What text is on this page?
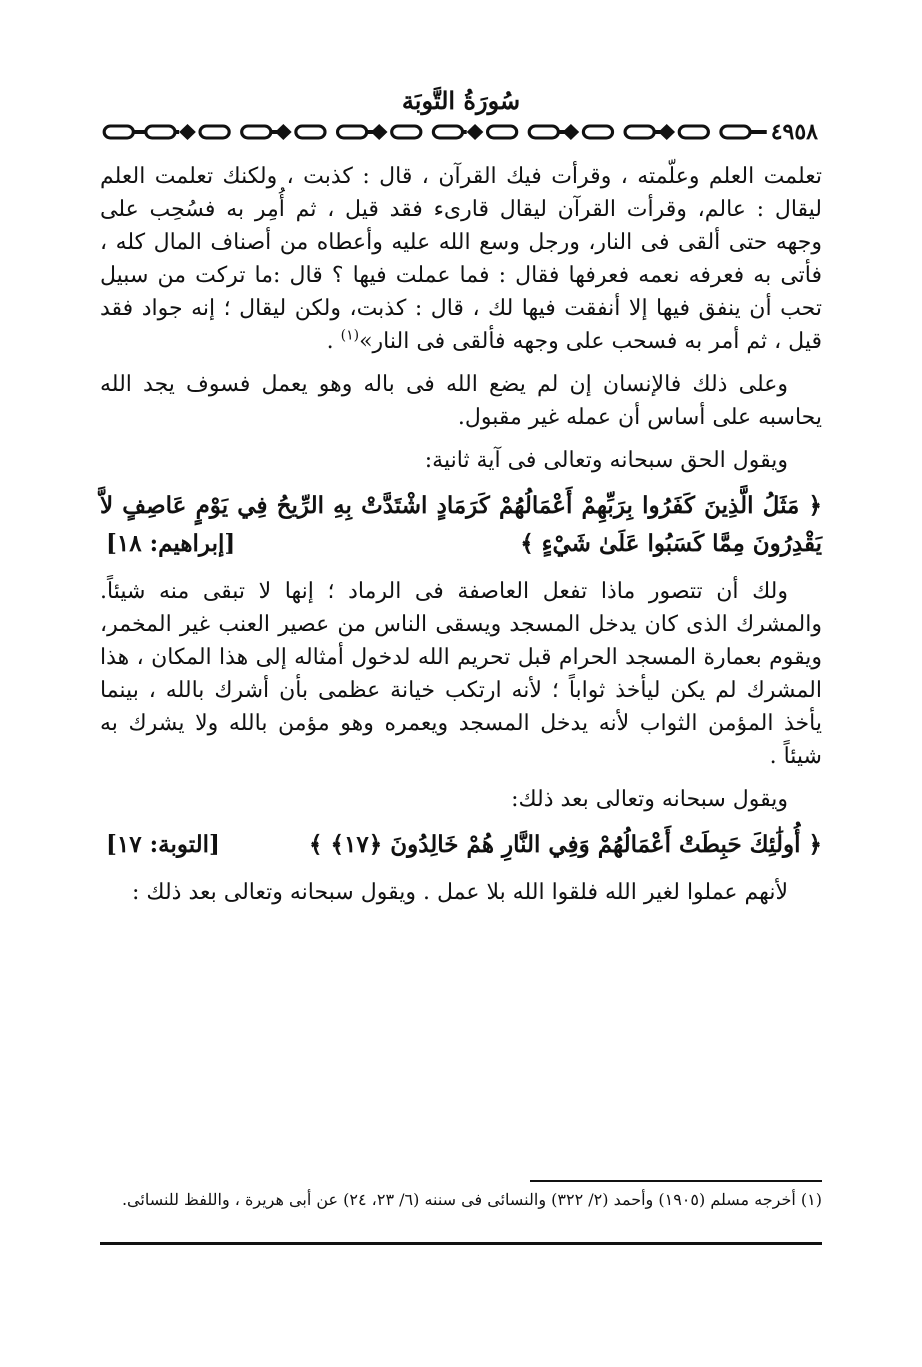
سُورَةُ التَّوبَة
٤٩٥٨

تعلمت العلم وعلّمته ، وقرأت فيك القرآن ، قال : كذبت ، ولكنك تعلمت العلم ليقال : عالم، وقرأت القرآن ليقال قارىء فقد قيل ، ثم أُمِر به فسُحِب على وجهه حتى ألقى فى النار، ورجل وسع الله عليه وأعطاه من أصناف المال كله ، فأتى به فعرفه نعمه فعرفها فقال : فما عملت فيها ؟ قال :ما تركت من سبيل تحب أن ينفق فيها إلا أنفقت فيها لك ، قال : كذبت، ولكن ليقال ؛ إنه جواد فقد قيل ، ثم أمر به فسحب على وجهه فألقى فى النار»$^{(١)}$ .

وعلى ذلك فالإنسان إن لم يضع الله فى باله وهو يعمل فسوف يجد الله يحاسبه على أساس أن عمله غير مقبول.

ويقول الحق سبحانه وتعالى فى آية ثانية:

﴿ مَثَلُ الَّذِينَ كَفَرُوا بِرَبِّهِمْ أَعْمَالُهُمْ كَرَمَادٍ اشْتَدَّتْ بِهِ الرِّيحُ فِي يَوْمٍ عَاصِفٍ لاَّ يَقْدِرُونَ مِمَّا كَسَبُوا عَلَىٰ شَيْءٍ ﴾
[إبراهيم: ١٨]

ولك أن تتصور ماذا تفعل العاصفة فى الرماد ؛ إنها لا تبقى منه شيئاً. والمشرك الذى كان يدخل المسجد ويسقى الناس من عصير العنب غير المخمر، ويقوم بعمارة المسجد الحرام قبل تحريم الله لدخول أمثاله إلى هذا المكان ، هذا المشرك لم يكن ليأخذ ثواباً ؛ لأنه ارتكب خيانة عظمى بأن أشرك بالله ، بينما يأخذ المؤمن الثواب لأنه يدخل المسجد ويعمره وهو مؤمن بالله ولا يشرك به شيئاً .

ويقول سبحانه وتعالى بعد ذلك:

﴿ أُولَٰئِكَ حَبِطَتْ أَعْمَالُهُمْ وَفِي النَّارِ هُمْ خَالِدُونَ ﴿١٧﴾ ﴾
[التوبة: ١٧]

لأنهم عملوا لغير الله فلقوا الله بلا عمل . ويقول سبحانه وتعالى بعد ذلك :

(١) أخرجه مسلم (١٩٠٥) وأحمد (٢/ ٣٢٢) والنسائى فى سننه (٦/ ٢٣، ٢٤) عن أبى هريرة ، واللفظ للنسائى.
